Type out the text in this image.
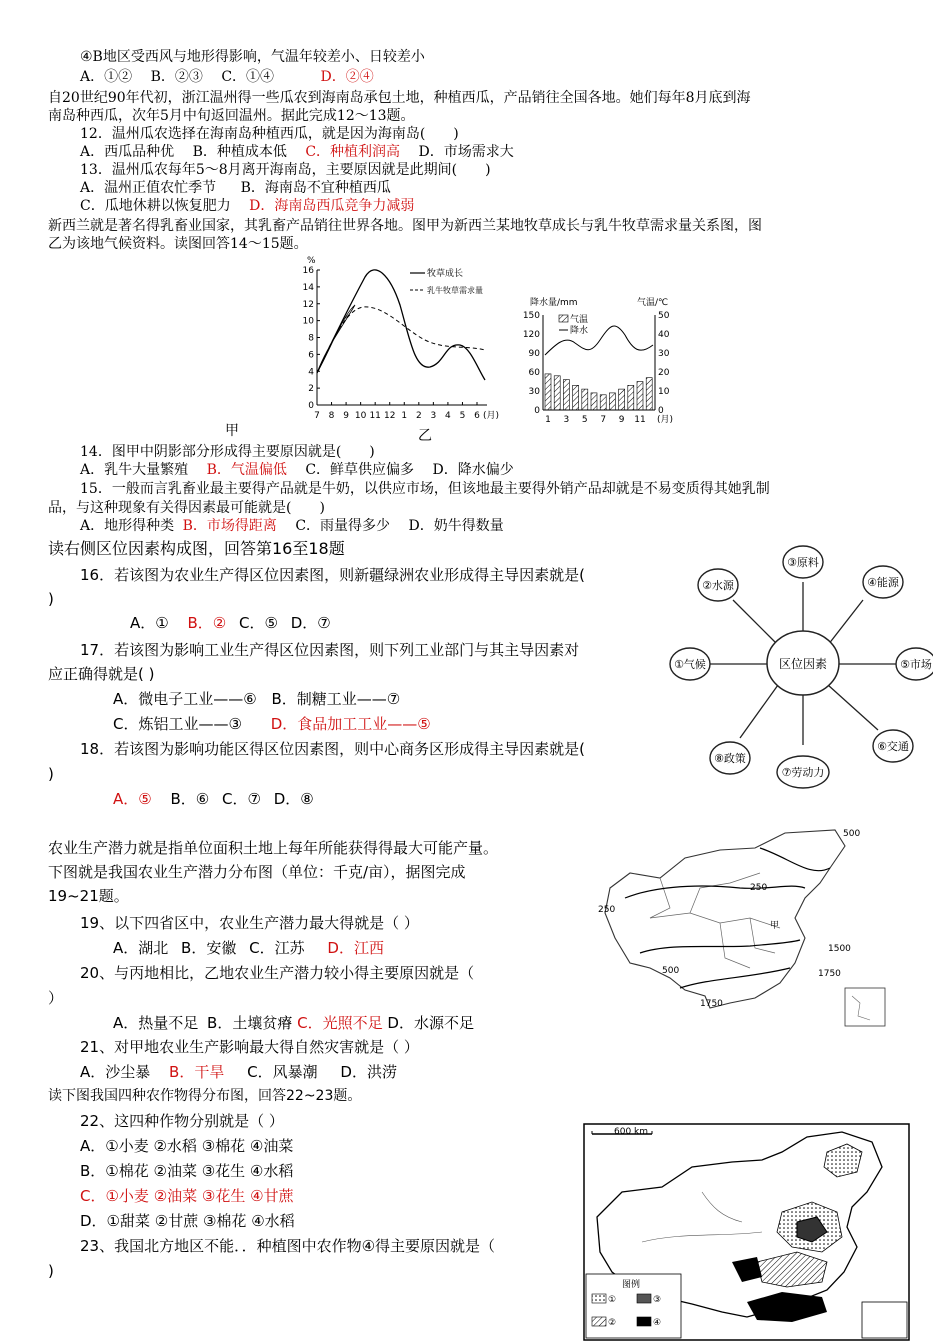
④B地区受西风与地形得影响，气温年较差小、日较差小
A．①② B．②③ C．①④	D．②④
自20世纪90年代初，浙江温州得一些瓜农到海南岛承包土地，种植西瓜，产品销往全国各地。她们每年8月底到海
南岛种西瓜，次年5月中旬返回温州。据此完成12～13题。
12．温州瓜农选择在海南岛种植西瓜，就是因为海南岛(　　)
A．西瓜品种优 B．种植成本低 C．种植利润高 D．市场需求大
13．温州瓜农每年5～8月离开海南岛，主要原因就是此期间(　　)
A．温州正值农忙季节 B．海南岛不宜种植西瓜
C．瓜地休耕以恢复肥力 D．海南岛西瓜竞争力减弱
新西兰就是著名得乳畜业国家，其乳畜产品销往世界各地。图甲为新西兰某地牧草成长与乳牛牧草需求量关系图，图
乙为该地气候资料。读图回答14～15题。
%
16
14
12
10
8
6
4
2
0
7 8 9 10 11 12 1 2 3 4 5 6 (月)
牧草成长
乳牛牧草需求量
降水量/mm	气温/℃
150
120
90
60
30
0
50
40
30
20
10
0
气温
降水
1 3 5 7 9 11 (月)
甲	乙
14．图甲中阴影部分形成得主要原因就是(　　)
A．乳牛大量繁殖 B．气温偏低 C．鲜草供应偏多 D．降水偏少
15．一般而言乳畜业最主要得产品就是牛奶，以供应市场，但该地最主要得外销产品却就是不易变质得其她乳制
品，与这种现象有关得因素最可能就是(　　)
A．地形得种类 B．市场得距离 C．雨量得多少 D．奶牛得数量
读右侧区位因素构成图，回答第16至18题
16．若该图为农业生产得区位因素图，则新疆绿洲农业形成得主导因素就是(
)
A．① B．② C．⑤ D．⑦
17．若该图为影响工业生产得区位因素图，则下列工业部门与其主导因素对
应正确得就是( )
A．微电子工业——⑥ B．制糖工业——⑦
C．炼铝工业——③ D．食品加工工业——⑤
18．若该图为影响功能区得区位因素图，则中心商务区形成得主导因素就是(
)
A．⑤ B．⑥ C．⑦ D．⑧
区位因素
③原料
②水源	④能源
①气候	⑤市场
⑧政策
⑦劳动力
⑥交通
农业生产潜力就是指单位面积土地上每年所能获得得最大可能产量。
下图就是我国农业生产潜力分布图（单位：千克/亩），据图完成
19~21题。
19、以下四省区中，农业生产潜力最大得就是（ ）
A．湖北 B．安徽 C．江苏 D．江西
20、与丙地相比，乙地农业生产潜力较小得主要原因就是（
）
A．热量不足 B．土壤贫瘠 C．光照不足 D．水源不足
21、对甲地农业生产影响最大得自然灾害就是（ ）
A．沙尘暴 B．干旱 C．风暴潮 D．洪涝
500
250
250
甲
1500
500	1750
1750
读下图我国四种农作物得分布图，回答22~23题。
22、这四种作物分别就是（ ）
A．①小麦 ②水稻 ③棉花 ④油菜
B．①棉花 ②油菜 ③花生 ④水稻
C．①小麦 ②油菜 ③花生 ④甘蔗
D．①甜菜 ②甘蔗 ③棉花 ④水稻
23、我国北方地区不能．．种植图中农作物④得主要原因就是（
)
600 km
图例
①	③
②	④
